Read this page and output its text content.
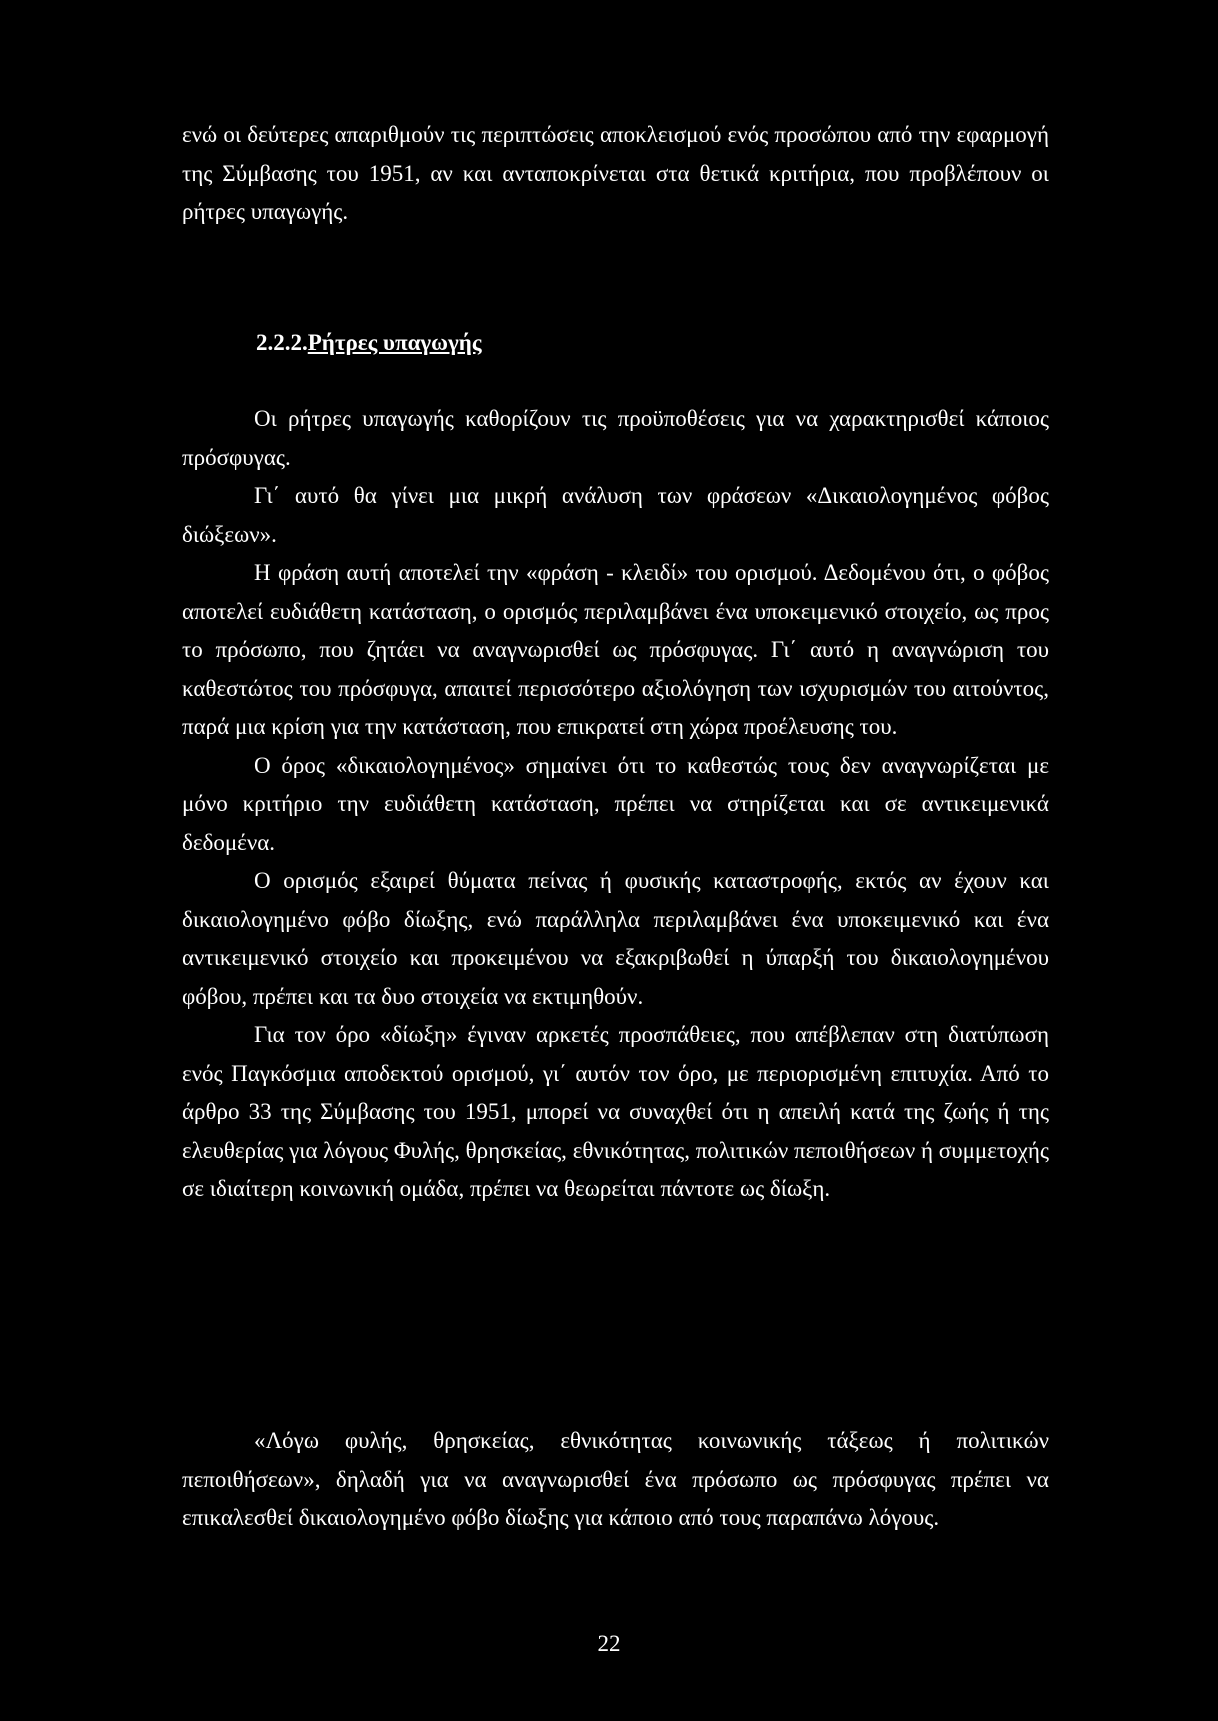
ενώ οι δεύτερες απαριθμούν τις περιπτώσεις αποκλεισμού ενός προσώπου από την εφαρμογή της Σύμβασης του 1951, αν και ανταποκρίνεται στα θετικά κριτήρια, που προβλέπουν οι ρήτρες υπαγωγής.

2.2.2.Ρήτρες υπαγωγής

Οι ρήτρες υπαγωγής καθορίζουν τις προϋποθέσεις για να χαρακτηρισθεί κάποιος πρόσφυγας.

Γι΄ αυτό θα γίνει μια μικρή ανάλυση των φράσεων «Δικαιολογημένος φόβος διώξεων».

Η φράση αυτή αποτελεί την «φράση - κλειδί» του ορισμού. Δεδομένου ότι, ο φόβος αποτελεί ευδιάθετη κατάσταση, ο ορισμός περιλαμβάνει ένα υποκειμενικό στοιχείο, ως προς το πρόσωπο, που ζητάει να αναγνωρισθεί ως πρόσφυγας. Γι΄ αυτό η αναγνώριση του καθεστώτος του πρόσφυγα, απαιτεί περισσότερο αξιολόγηση των ισχυρισμών του αιτούντος, παρά μια κρίση για την κατάσταση, που επικρατεί στη χώρα προέλευσης του.

Ο όρος «δικαιολογημένος» σημαίνει ότι το καθεστώς τους δεν αναγνωρίζεται με μόνο κριτήριο την ευδιάθετη κατάσταση, πρέπει να στηρίζεται και σε αντικειμενικά δεδομένα.

Ο ορισμός εξαιρεί θύματα πείνας ή φυσικής καταστροφής, εκτός αν έχουν και δικαιολογημένο φόβο δίωξης, ενώ παράλληλα περιλαμβάνει ένα υποκειμενικό και ένα αντικειμενικό στοιχείο και προκειμένου να εξακριβωθεί η ύπαρξή του δικαιολογημένου φόβου, πρέπει και τα δυο στοιχεία να εκτιμηθούν.

Για τον όρο «δίωξη» έγιναν αρκετές προσπάθειες, που απέβλεπαν στη διατύπωση ενός Παγκόσμια αποδεκτού ορισμού, γι΄ αυτόν τον όρο, με περιορισμένη επιτυχία. Από το άρθρο 33 της Σύμβασης του 1951, μπορεί να συναχθεί ότι η απειλή κατά της ζωής ή της ελευθερίας για λόγους Φυλής, θρησκείας, εθνικότητας, πολιτικών πεποιθήσεων ή συμμετοχής σε ιδιαίτερη κοινωνική ομάδα, πρέπει να θεωρείται πάντοτε ως δίωξη.

«Λόγω φυλής, θρησκείας, εθνικότητας κοινωνικής τάξεως ή πολιτικών πεποιθήσεων», δηλαδή για να αναγνωρισθεί ένα πρόσωπο ως πρόσφυγας πρέπει να επικαλεσθεί δικαιολογημένο φόβο δίωξης για κάποιο από τους παραπάνω λόγους.

22
